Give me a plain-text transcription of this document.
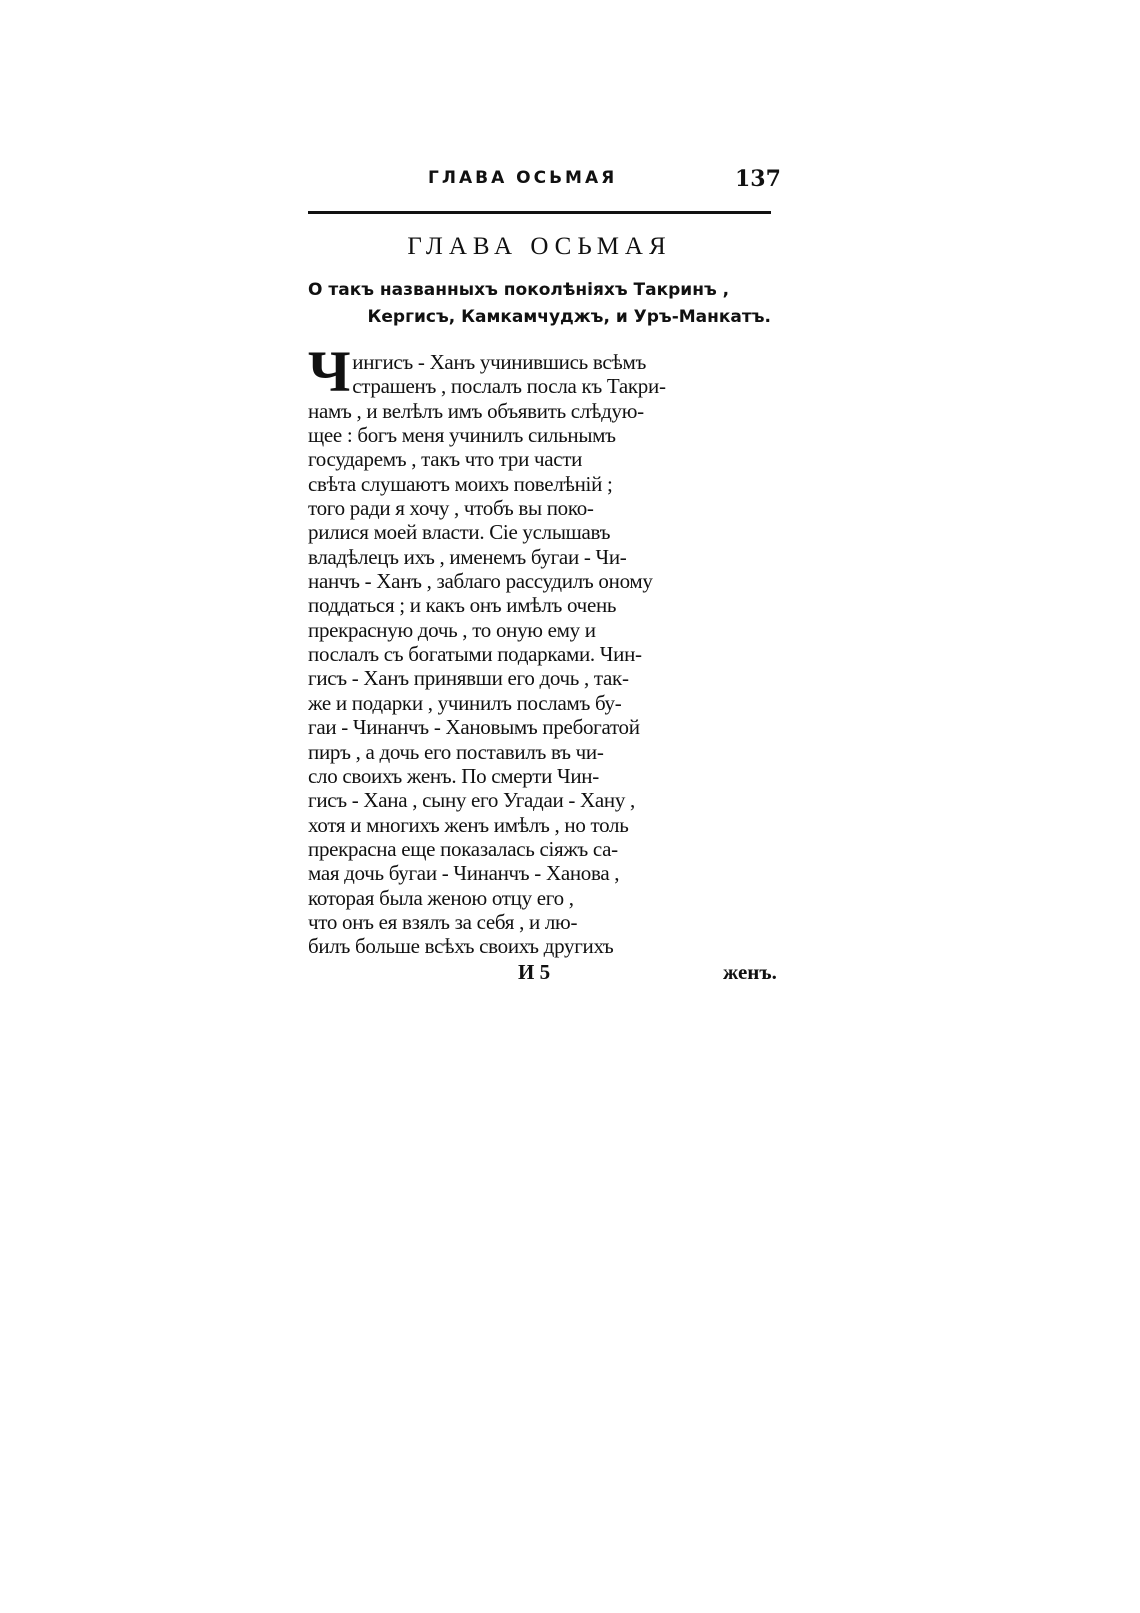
ГЛАВА ОСЬМАЯ	137
ГЛАВА ОСЬМАЯ
О такъ названныхъ поколѣніяхъ Такринъ ,
Кергисъ, Камкамчуджъ, и Уръ-Манкатъ.
Ч ингисъ - Ханъ учинившись всѣмъ
страшенъ , послалъ посла къ Такри-
намъ , и велѣлъ имъ объявить слѣдую-
щее : богъ меня учинилъ сильнымъ
государемъ , такъ что три части
свѣта слушаютъ моихъ повелѣній ;
того ради я хочу , чтобъ вы поко-
рилися моей власти. Сіе услышавъ
владѣлецъ ихъ , именемъ бугаи - Чи-
нанчъ - Ханъ , заблаго рассудилъ оному
поддаться ; и какъ онъ имѣлъ очень
прекрасную дочь , то оную ему и
послалъ съ богатыми подарками. Чин-
гисъ - Ханъ принявши его дочь , так-
же и подарки , учинилъ посламъ бу-
гаи - Чинанчъ - Хановымъ пребогатой
пиръ , а дочь его поставилъ въ чи-
сло своихъ женъ. По смерти Чин-
гисъ - Хана , сыну его Угадаи - Хану ,
хотя и многихъ женъ имѣлъ , но толь
прекрасна еще показалась сіяжъ са-
мая дочь бугаи - Чинанчъ - Ханова ,
которая была женою отцу его ,
что онъ ея взялъ за себя , и лю-
билъ больше всѣхъ своихъ другихъ
И 5	женъ.
